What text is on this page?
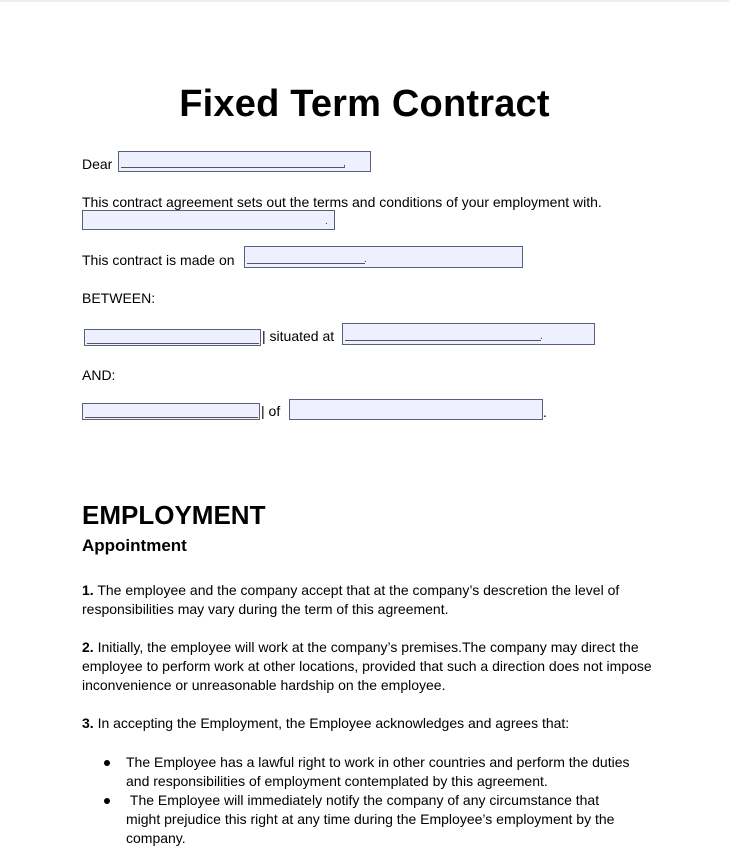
Fixed Term Contract
Dear	,
This contract agreement sets out the terms and conditions of your employment with.
.
This contract is made on	.
BETWEEN:
| situated at	.
AND:
| of	.
EMPLOYMENT
Appointment
1. The employee and the company accept that at the company’s descretion the level of responsibilities may vary during the term of this agreement.
2. Initially, the employee will work at the company’s premises.The company may direct the employee to perform work at other locations, provided that such a direction does not impose inconvenience or unreasonable hardship on the employee.
3. In accepting the Employment, the Employee acknowledges and agrees that:
The Employee has a lawful right to work in other countries and perform the duties and responsibilities of employment contemplated by this agreement.
The Employee will immediately notify the company of any circumstance that might prejudice this right at any time during the Employee’s employment by the company.
